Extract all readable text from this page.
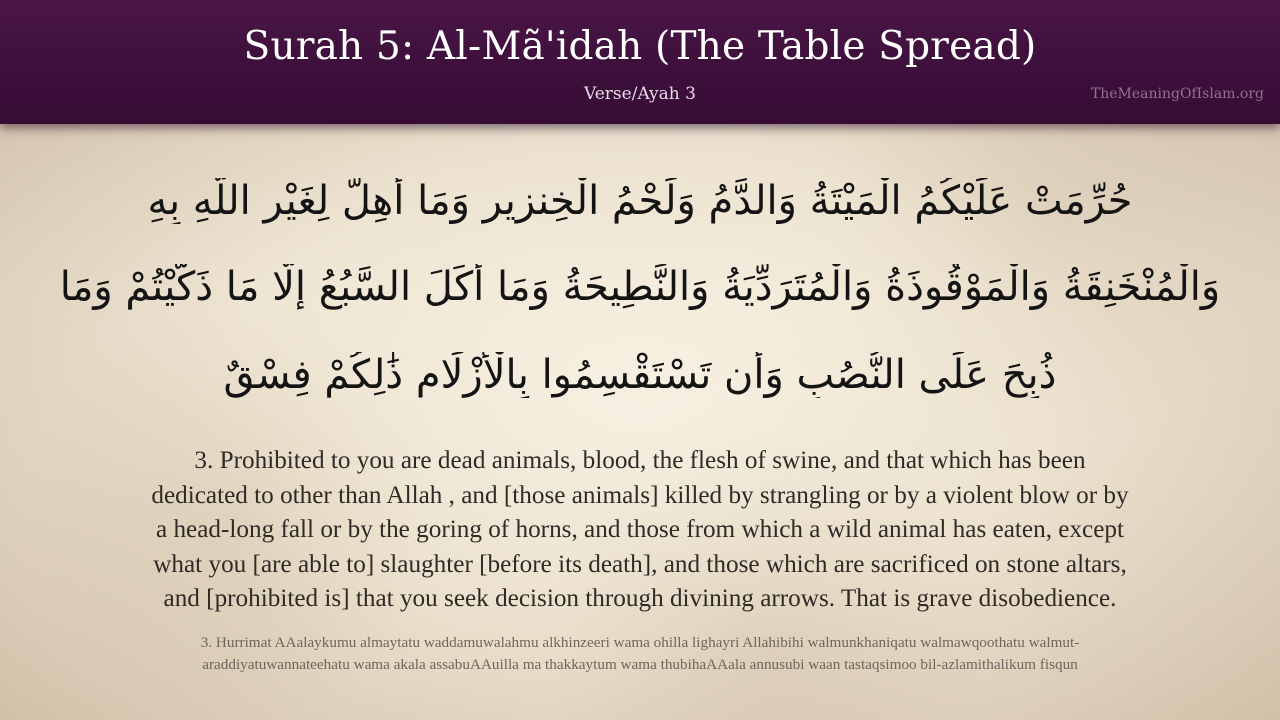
Surah 5: Al-Mã'idah (The Table Spread)
Verse/Ayah 3	TheMeaningOfIslam.org
حُرِّمَتْ عَلَيْكُمُ الْمَيْتَةُ وَالدَّمُ وَلَحْمُ الْخِنزِيرِ وَمَا أُهِلَّ لِغَيْرِ اللَّهِ بِهِ
وَالْمُنْخَنِقَةُ وَالْمَوْقُوذَةُ وَالْمُتَرَدِّيَةُ وَالنَّطِيحَةُ وَمَا أَكَلَ السَّبُعُ إِلَّا مَا ذَكَّيْتُمْ وَمَا
ذُبِحَ عَلَى النُّصُبِ وَأَن تَسْتَقْسِمُوا بِالْأَزْلَامِ ذَٰلِكُمْ فِسْقٌ
3. Prohibited to you are dead animals, blood, the flesh of swine, and that which has been
dedicated to other than Allah , and [those animals] killed by strangling or by a violent blow or by
a head-long fall or by the goring of horns, and those from which a wild animal has eaten, except
what you [are able to] slaughter [before its death], and those which are sacrificed on stone altars,
and [prohibited is] that you seek decision through divining arrows. That is grave disobedience.
3. Hurrimat AAalaykumu almaytatu waddamuwalahmu alkhinzeeri wama ohilla lighayri Allahibihi walmunkhaniqatu walmawqoothatu walmut-
araddiyatuwannateehatu wama akala assabuAAuilla ma thakkaytum wama thubihaAAala annusubi waan tastaqsimoo bil-azlamithalikum fisqun
